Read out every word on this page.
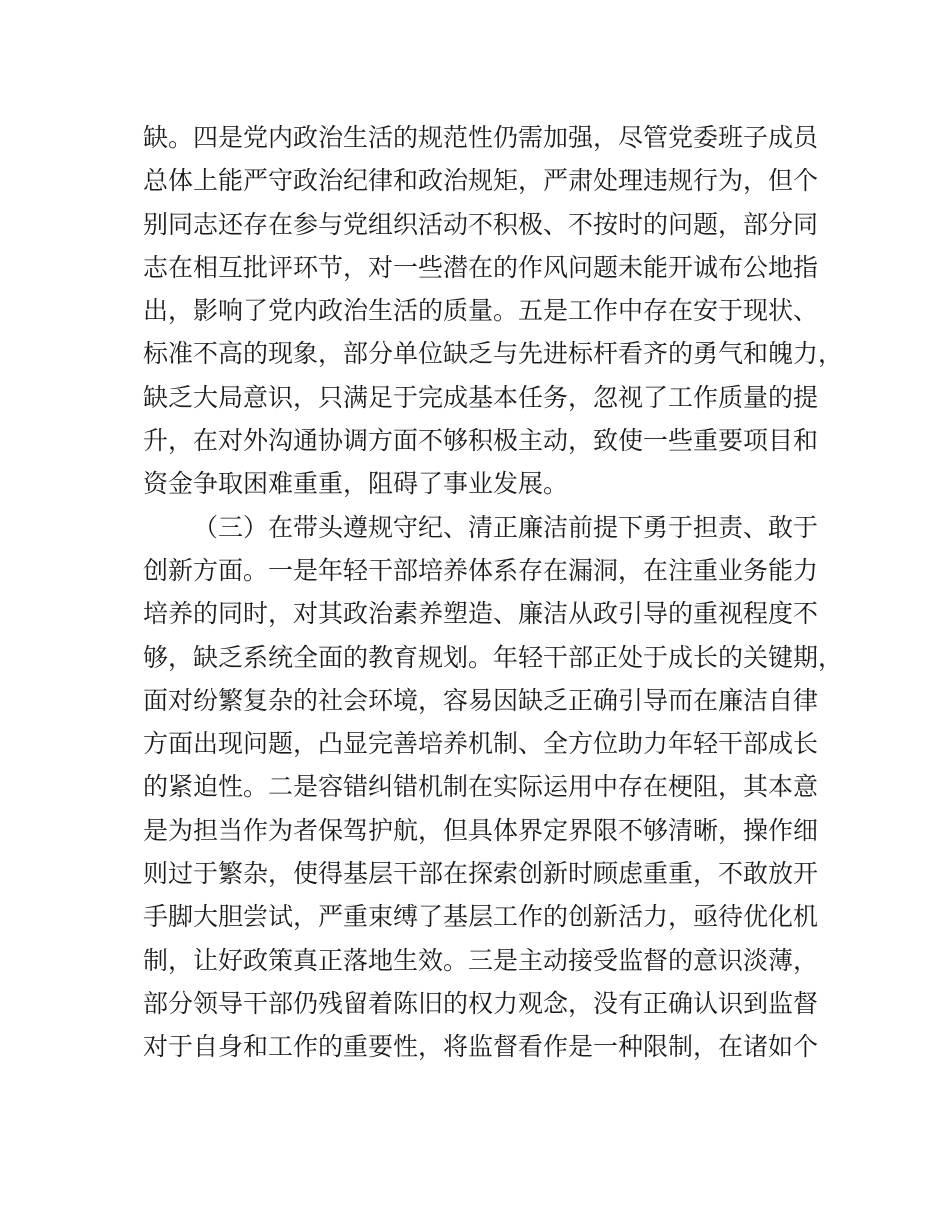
缺。四是党内政治生活的规范性仍需加强，尽管党委班子成员
总体上能严守政治纪律和政治规矩，严肃处理违规行为，但个
别同志还存在参与党组织活动不积极、不按时的问题，部分同
志在相互批评环节，对一些潜在的作风问题未能开诚布公地指
出，影响了党内政治生活的质量。五是工作中存在安于现状、
标准不高的现象，部分单位缺乏与先进标杆看齐的勇气和魄力，
缺乏大局意识，只满足于完成基本任务，忽视了工作质量的提
升，在对外沟通协调方面不够积极主动，致使一些重要项目和
资金争取困难重重，阻碍了事业发展。
（三）在带头遵规守纪、清正廉洁前提下勇于担责、敢于
创新方面。一是年轻干部培养体系存在漏洞，在注重业务能力
培养的同时，对其政治素养塑造、廉洁从政引导的重视程度不
够，缺乏系统全面的教育规划。年轻干部正处于成长的关键期，
面对纷繁复杂的社会环境，容易因缺乏正确引导而在廉洁自律
方面出现问题，凸显完善培养机制、全方位助力年轻干部成长
的紧迫性。二是容错纠错机制在实际运用中存在梗阻，其本意
是为担当作为者保驾护航，但具体界定界限不够清晰，操作细
则过于繁杂，使得基层干部在探索创新时顾虑重重，不敢放开
手脚大胆尝试，严重束缚了基层工作的创新活力，亟待优化机
制，让好政策真正落地生效。三是主动接受监督的意识淡薄，
部分领导干部仍残留着陈旧的权力观念，没有正确认识到监督
对于自身和工作的重要性，将监督看作是一种限制，在诸如个
